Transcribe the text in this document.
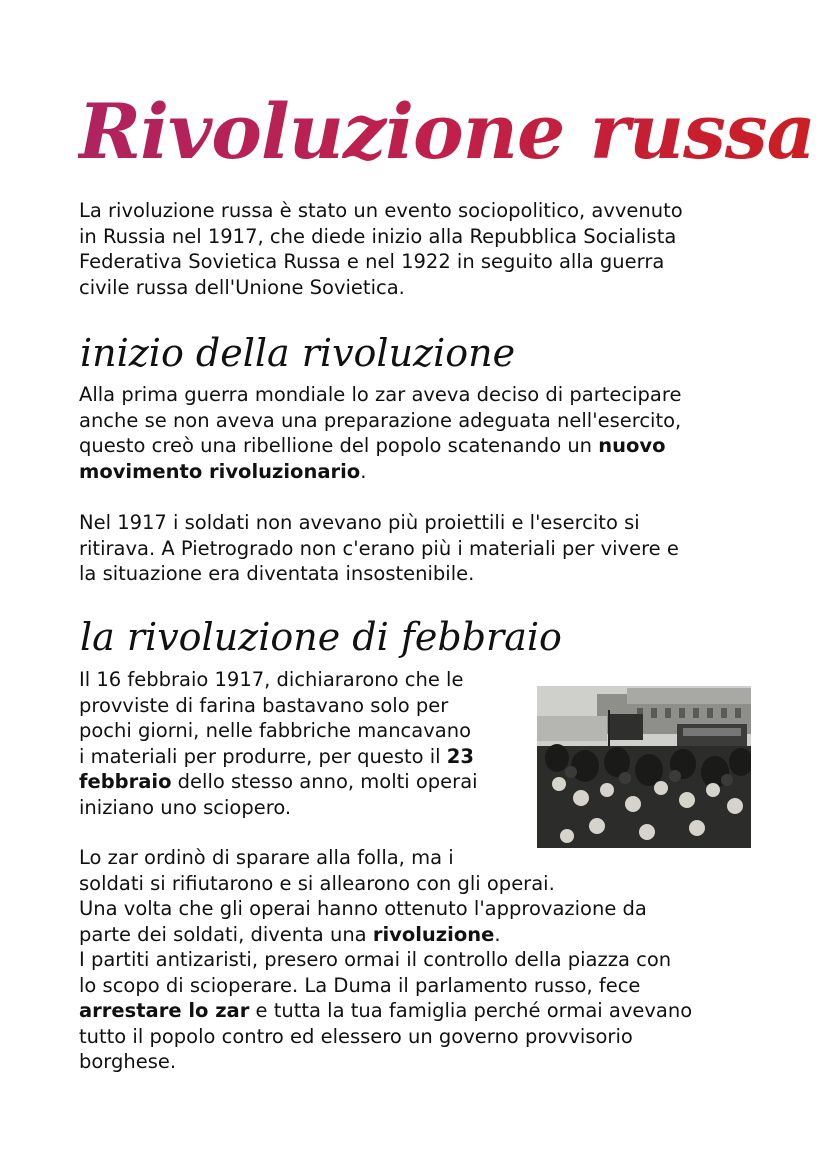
Rivoluzione russa

La rivoluzione russa è stato un evento sociopolitico, avvenuto
in Russia nel 1917, che diede inizio alla Repubblica Socialista
Federativa Sovietica Russa e nel 1922 in seguito alla guerra
civile russa dell'Unione Sovietica.

inizio della rivoluzione

Alla prima guerra mondiale lo zar aveva deciso di partecipare
anche se non aveva una preparazione adeguata nell'esercito,
questo creò una ribellione del popolo scatenando un nuovo
movimento rivoluzionario.

Nel 1917 i soldati non avevano più proiettili e l'esercito si
ritirava. A Pietrogrado non c'erano più i materiali per vivere e
la situazione era diventata insostenibile.

la rivoluzione di febbraio

Il 16 febbraio 1917, dichiararono che le
provviste di farina bastavano solo per
pochi giorni, nelle fabbriche mancavano
i materiali per produrre, per questo il 23
febbraio dello stesso anno, molti operai
iniziano uno sciopero.

Lo zar ordinò di sparare alla folla, ma i
soldati si rifiutarono e si allearono con gli operai.
Una volta che gli operai hanno ottenuto l'approvazione da
parte dei soldati, diventa una rivoluzione.
I partiti antizaristi, presero ormai il controllo della piazza con
lo scopo di scioperare. La Duma il parlamento russo, fece
arrestare lo zar e tutta la tua famiglia perché ormai avevano
tutto il popolo contro ed elessero un governo provvisorio
borghese.
